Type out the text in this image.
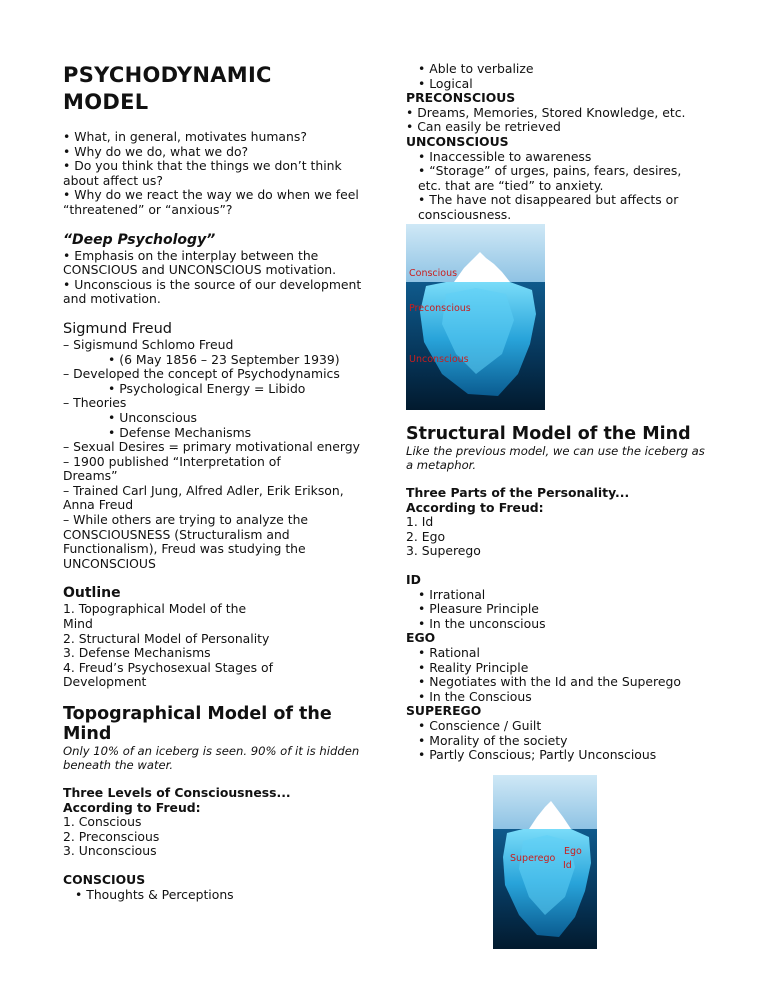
PSYCHODYNAMIC
MODEL

• What, in general, motivates humans?

• Why do we do, what we do?

• Do you think that the things we don’t think about affect us?

• Why do we react the way we do when we feel “threatened” or “anxious”?

“Deep Psychology”

• Emphasis on the interplay between the CONSCIOUS and UNCONSCIOUS motivation.

• Unconscious is the source of our development and motivation.

Sigmund Freud

– Sigismund Schlomo Freud

• (6 May 1856 – 23 September 1939)

– Developed the concept of Psychodynamics

• Psychological Energy = Libido

– Theories

• Unconscious

• Defense Mechanisms

– Sexual Desires = primary motivational energy

– 1900 published “Interpretation of Dreams”

– Trained Carl Jung, Alfred Adler, Erik Erikson, Anna Freud

– While others are trying to analyze the CONSCIOUSNESS (Structuralism and Functionalism), Freud was studying the UNCONSCIOUS

Outline

1. Topographical Model of the Mind

2. Structural Model of Personality

3. Defense Mechanisms

4. Freud’s Psychosexual Stages of Development

Topographical Model of the Mind

Only 10% of an iceberg is seen. 90% of it is hidden beneath the water.

Three Levels of Consciousness...

According to Freud:

1. Conscious

2. Preconscious

3. Unconscious

CONSCIOUS

• Thoughts & Perceptions

• Able to verbalize

• Logical

PRECONSCIOUS

• Dreams, Memories, Stored Knowledge, etc.

• Can easily be retrieved

UNCONSCIOUS

• Inaccessible to awareness

• “Storage” of urges, pains, fears, desires, etc. that are “tied” to anxiety.

• The have not disappeared but affects or consciousness.

Conscious
Preconscious
Unconscious
Structural Model of the Mind

Like the previous model, we can use the iceberg as a metaphor.

Three Parts of the Personality...

According to Freud:

1. Id

2. Ego

3. Superego

ID

• Irrational

• Pleasure Principle

• In the unconscious

EGO

• Rational

• Reality Principle

• Negotiates with the Id and the Superego

• In the Conscious

SUPEREGO

• Conscience / Guilt

• Morality of the society

• Partly Conscious; Partly Unconscious

Superego
Ego
Id
